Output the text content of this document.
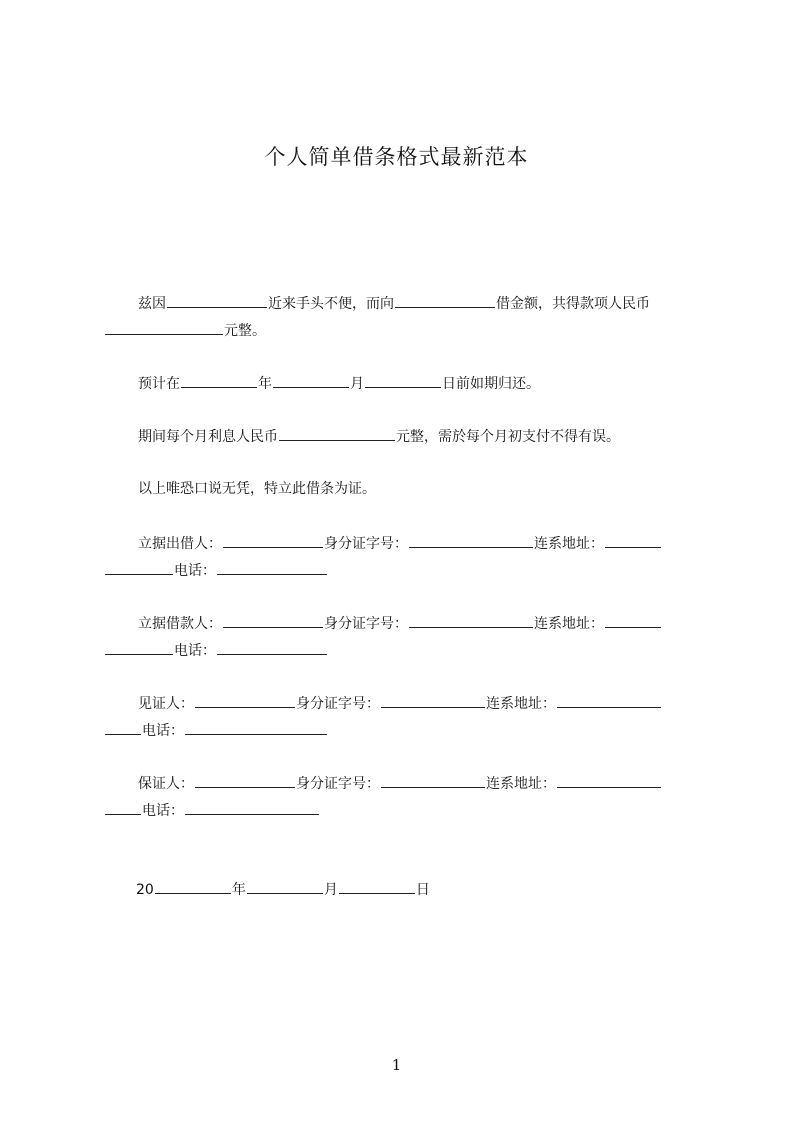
个人简单借条格式最新范本
兹因	近来手头不便，而向	借金额，共得款项人民币
元整。
预计在	年	月	日前如期归还。
期间每个月利息人民币	元整，需於每个月初支付不得有误。
以上唯恐口说无凭，特立此借条为证。
立据出借人：	身分证字号：	连系地址：
电话：
立据借款人：	身分证字号：	连系地址：
电话：
见证人：	身分证字号：	连系地址：
电话：
保证人：	身分证字号：	连系地址：
电话：
20	年	月	日
1
